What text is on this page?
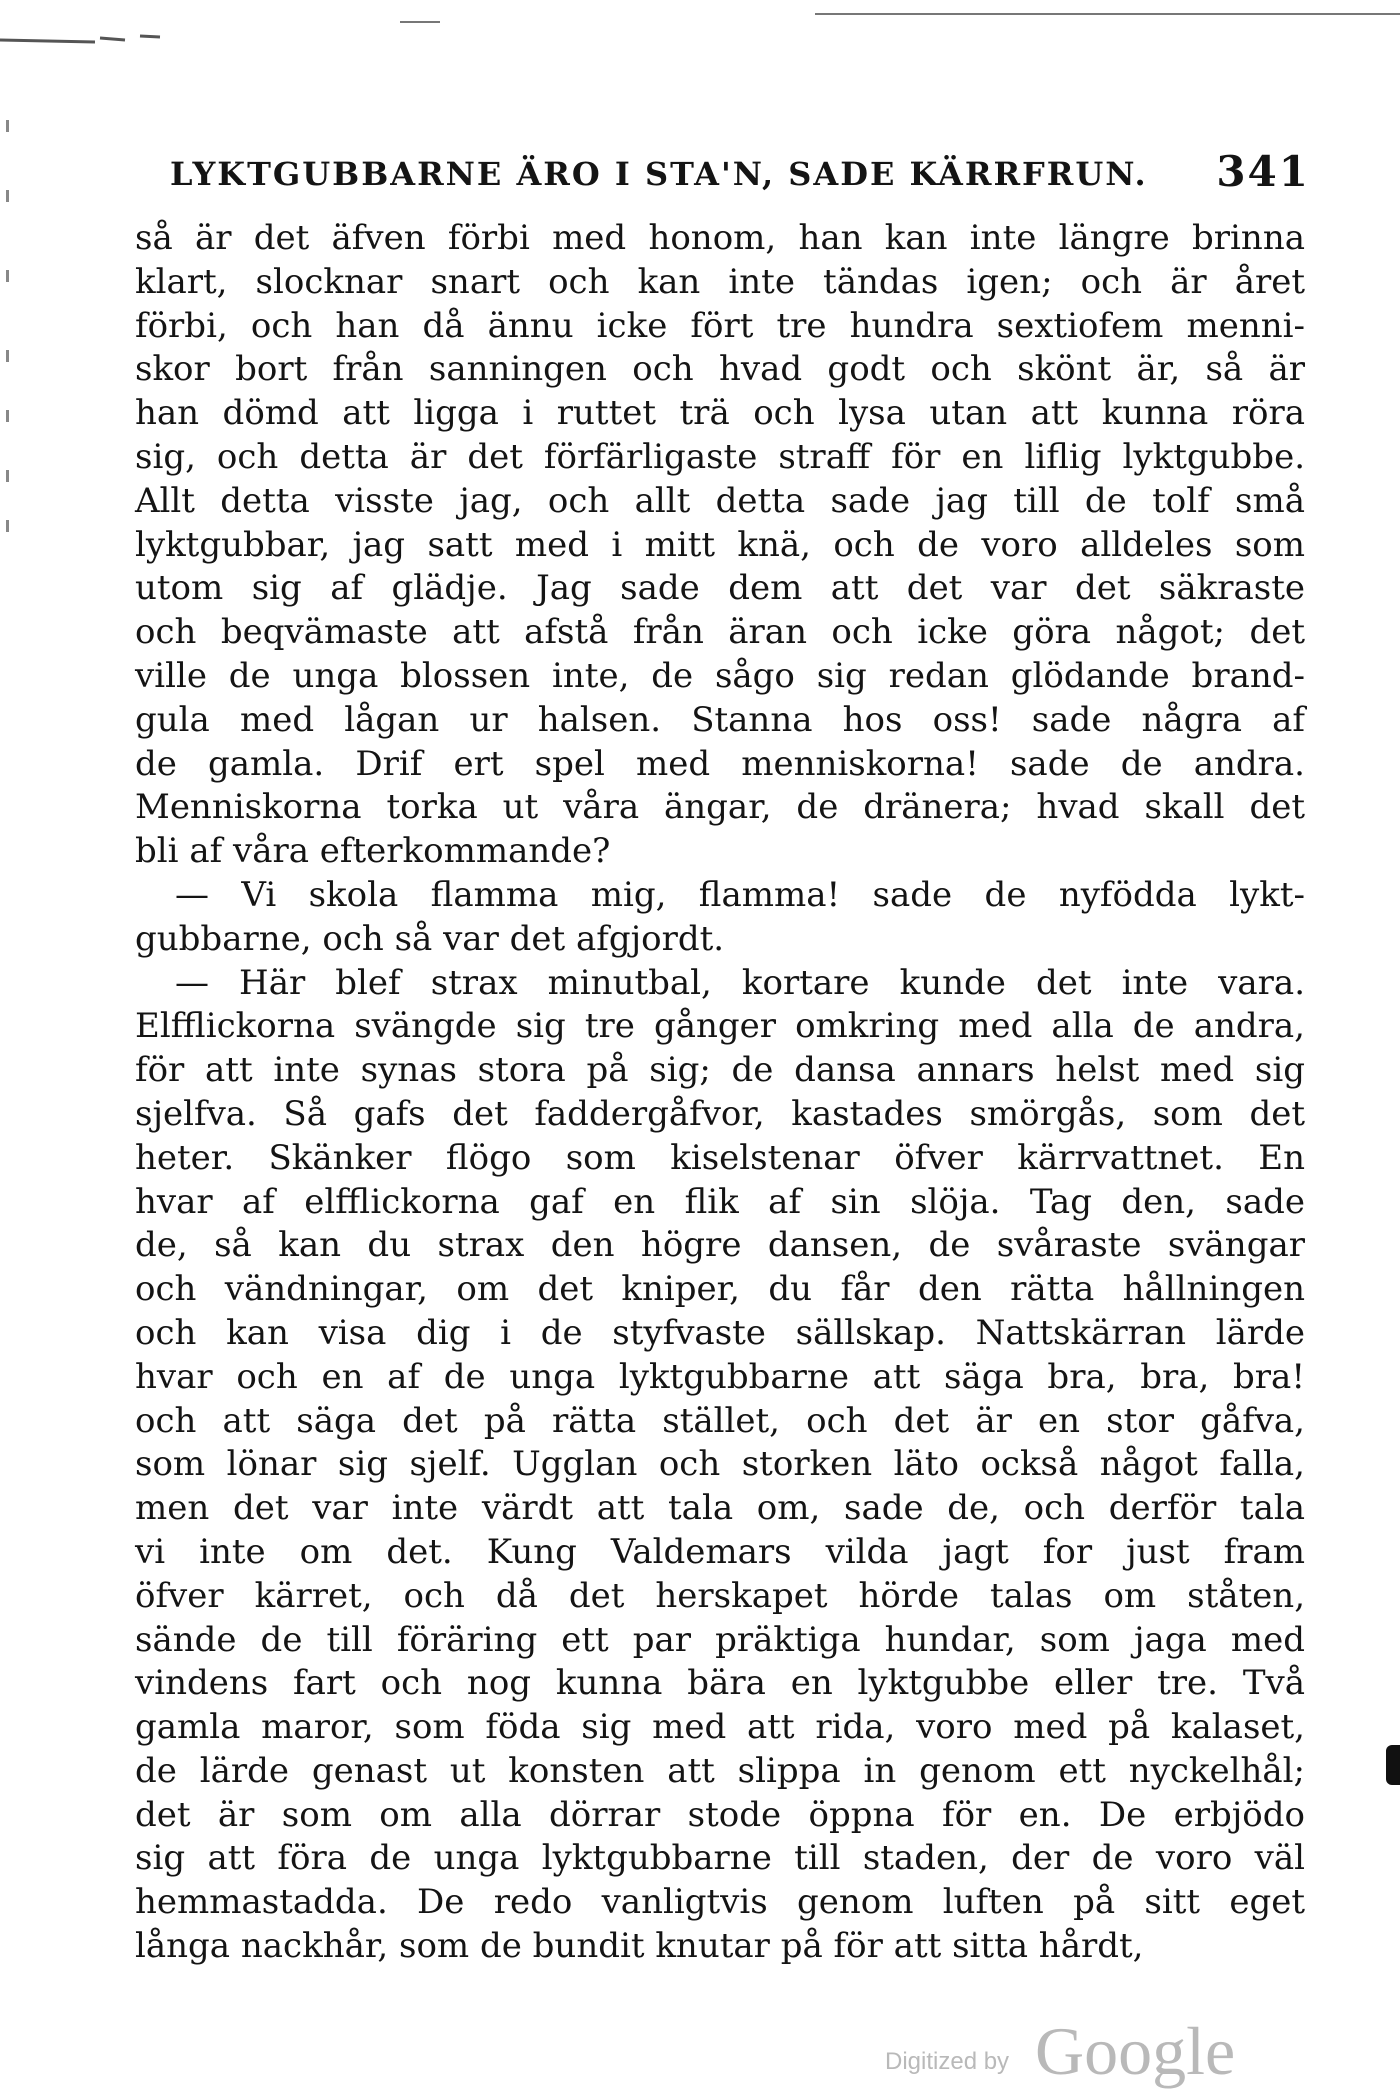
LYKTGUBBARNE ÄRO I STA'N, SADE KÄRRFRUN. 341
så är det äfven förbi med honom, han kan inte längre brinna
klart, slocknar snart och kan inte tändas igen; och är året
förbi, och han då ännu icke fört tre hundra sextiofem menni-
skor bort från sanningen och hvad godt och skönt är, så är
han dömd att ligga i ruttet trä och lysa utan att kunna röra
sig, och detta är det förfärligaste straff för en liflig lyktgubbe.
Allt detta visste jag, och allt detta sade jag till de tolf små
lyktgubbar, jag satt med i mitt knä, och de voro alldeles som
utom sig af glädje. Jag sade dem att det var det säkraste
och beqvämaste att afstå från äran och icke göra något; det
ville de unga blossen inte, de sågo sig redan glödande brand-
gula med lågan ur halsen. Stanna hos oss! sade några af
de gamla. Drif ert spel med menniskorna! sade de andra.
Menniskorna torka ut våra ängar, de dränera; hvad skall det
bli af våra efterkommande?
— Vi skola flamma mig, flamma! sade de nyfödda lykt-
gubbarne, och så var det afgjordt.
— Här blef strax minutbal, kortare kunde det inte vara.
Elfflickorna svängde sig tre gånger omkring med alla de andra,
för att inte synas stora på sig; de dansa annars helst med sig
sjelfva. Så gafs det faddergåfvor, kastades smörgås, som det
heter. Skänker flögo som kiselstenar öfver kärrvattnet. En
hvar af elfflickorna gaf en flik af sin slöja. Tag den, sade
de, så kan du strax den högre dansen, de svåraste svängar
och vändningar, om det kniper, du får den rätta hållningen
och kan visa dig i de styfvaste sällskap. Nattskärran lärde
hvar och en af de unga lyktgubbarne att säga bra, bra, bra!
och att säga det på rätta stället, och det är en stor gåfva,
som lönar sig sjelf. Ugglan och storken läto också något falla,
men det var inte värdt att tala om, sade de, och derför tala
vi inte om det. Kung Valdemars vilda jagt for just fram
öfver kärret, och då det herskapet hörde talas om ståten,
sände de till föräring ett par präktiga hundar, som jaga med
vindens fart och nog kunna bära en lyktgubbe eller tre. Två
gamla maror, som föda sig med att rida, voro med på kalaset,
de lärde genast ut konsten att slippa in genom ett nyckelhål;
det är som om alla dörrar stode öppna för en. De erbjödo
sig att föra de unga lyktgubbarne till staden, der de voro väl
hemmastadda. De redo vanligtvis genom luften på sitt eget
långa nackhår, som de bundit knutar på för att sitta hårdt,
Digitized by Google
